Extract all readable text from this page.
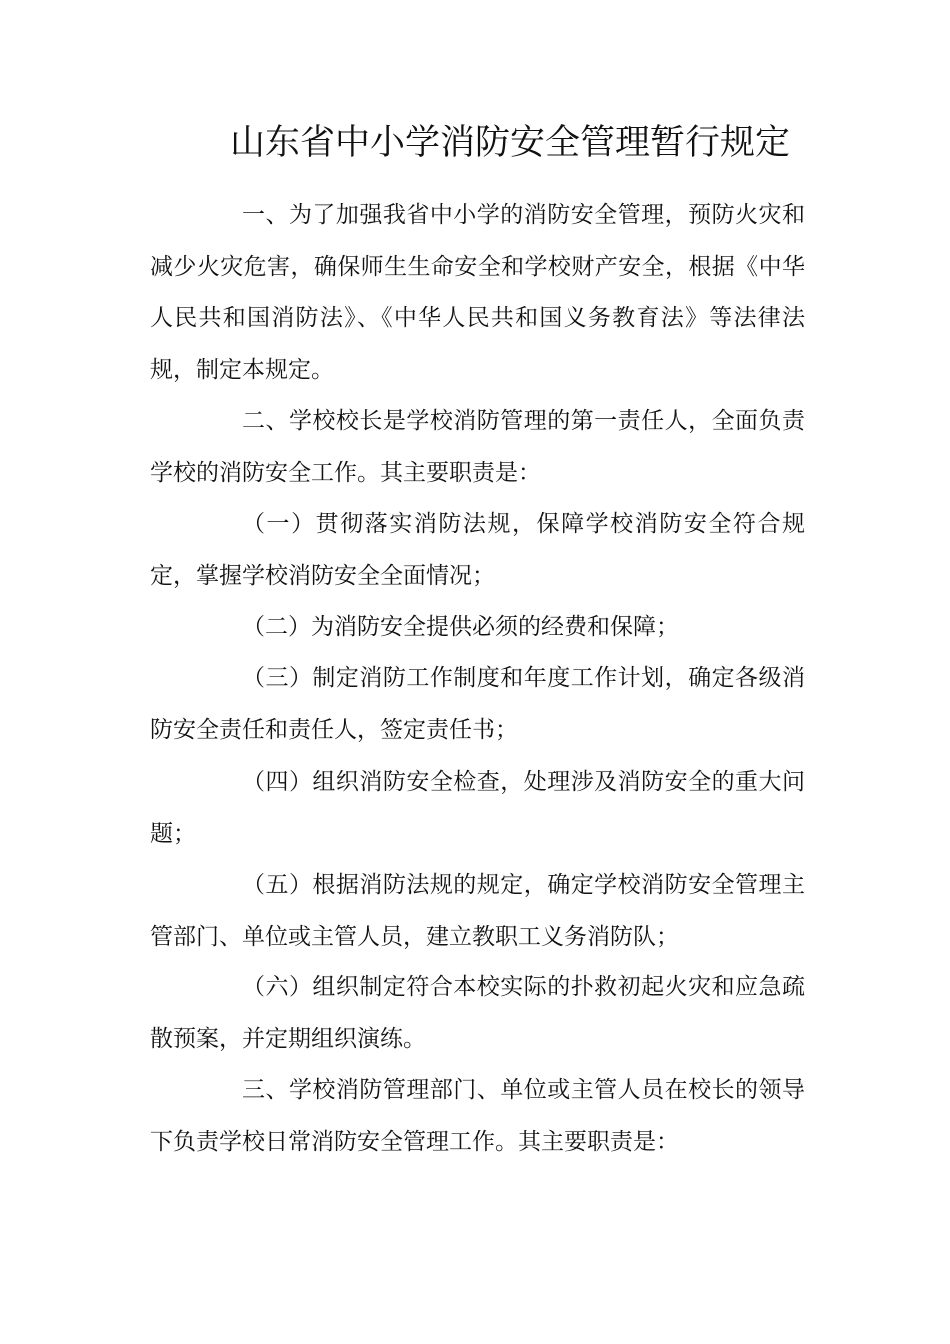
山东省中小学消防安全管理暂行规定

一、为了加强我省中小学的消防安全管理，预防火灾和减少火灾危害，确保师生生命安全和学校财产安全，根据《中华人民共和国消防法》、《中华人民共和国义务教育法》等法律法规，制定本规定。

二、学校校长是学校消防管理的第一责任人，全面负责学校的消防安全工作。其主要职责是：

（一）贯彻落实消防法规，保障学校消防安全符合规定，掌握学校消防安全全面情况；

（二）为消防安全提供必须的经费和保障；

（三）制定消防工作制度和年度工作计划，确定各级消防安全责任和责任人，签定责任书；

（四）组织消防安全检查，处理涉及消防安全的重大问题；

（五）根据消防法规的规定，确定学校消防安全管理主管部门、单位或主管人员，建立教职工义务消防队；

（六）组织制定符合本校实际的扑救初起火灾和应急疏散预案，并定期组织演练。

三、学校消防管理部门、单位或主管人员在校长的领导下负责学校日常消防安全管理工作。其主要职责是：
